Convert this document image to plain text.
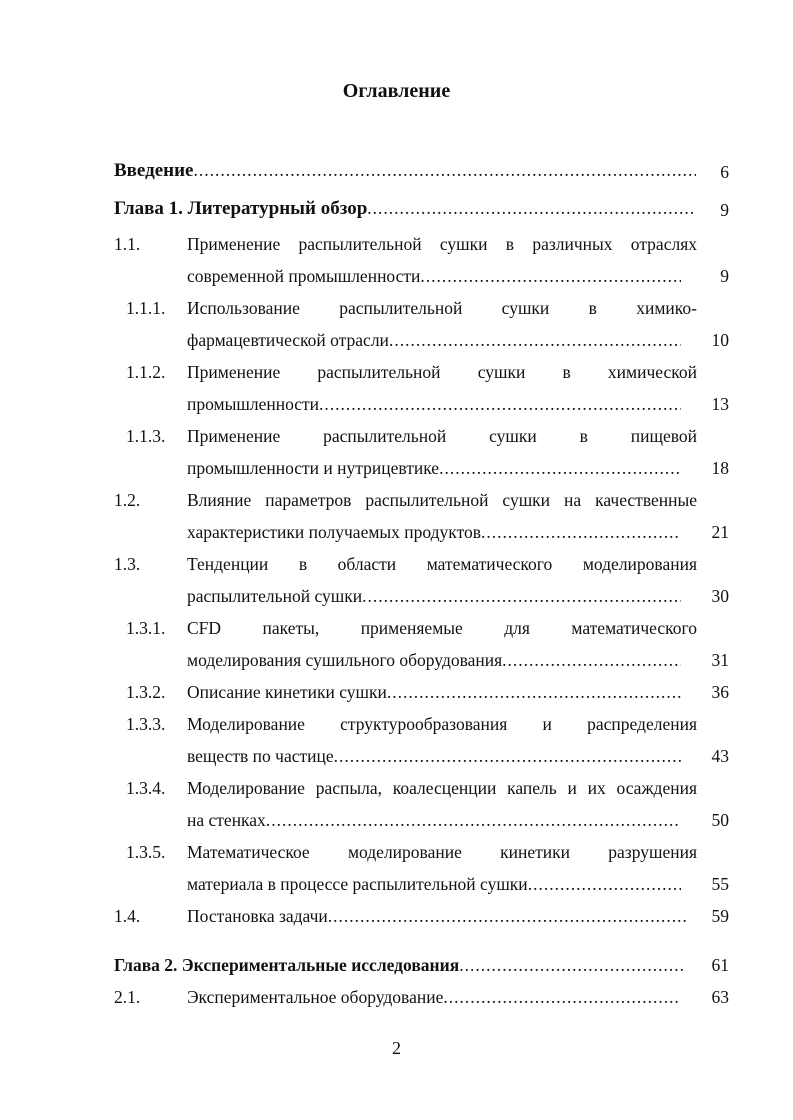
Оглавление
Введение .....	6
Глава 1. Литературный обзор .....	9
1.1.	Применение распылительной сушки в различных отраслях
современной промышленности .....	9
1.1.1. Использование распылительной сушки в химико-
фармацевтической отрасли .....	10
1.1.2. Применение распылительной сушки в химической
промышленности .....	13
1.1.3. Применение распылительной сушки в пищевой
промышленности и нутрицевтике .....	18
1.2.	Влияние параметров распылительной сушки на качественные
характеристики получаемых продуктов .....	21
1.3.	Тенденции в области математического моделирования
распылительной сушки .....	30
1.3.1. CFD пакеты, применяемые для математического
моделирования сушильного оборудования .....	31
1.3.2. Описание кинетики сушки .....	36
1.3.3. Моделирование структурообразования и распределения
веществ по частице .....	43
1.3.4. Моделирование распыла, коалесценции капель и их осаждения
на стенках .....	50
1.3.5. Математическое моделирование кинетики разрушения
материала в процессе распылительной сушки .....	55
1.4.	Постановка задачи .....	59
Глава 2. Экспериментальные исследования .....	61
2.1.	Экспериментальное оборудование .....	63
2
